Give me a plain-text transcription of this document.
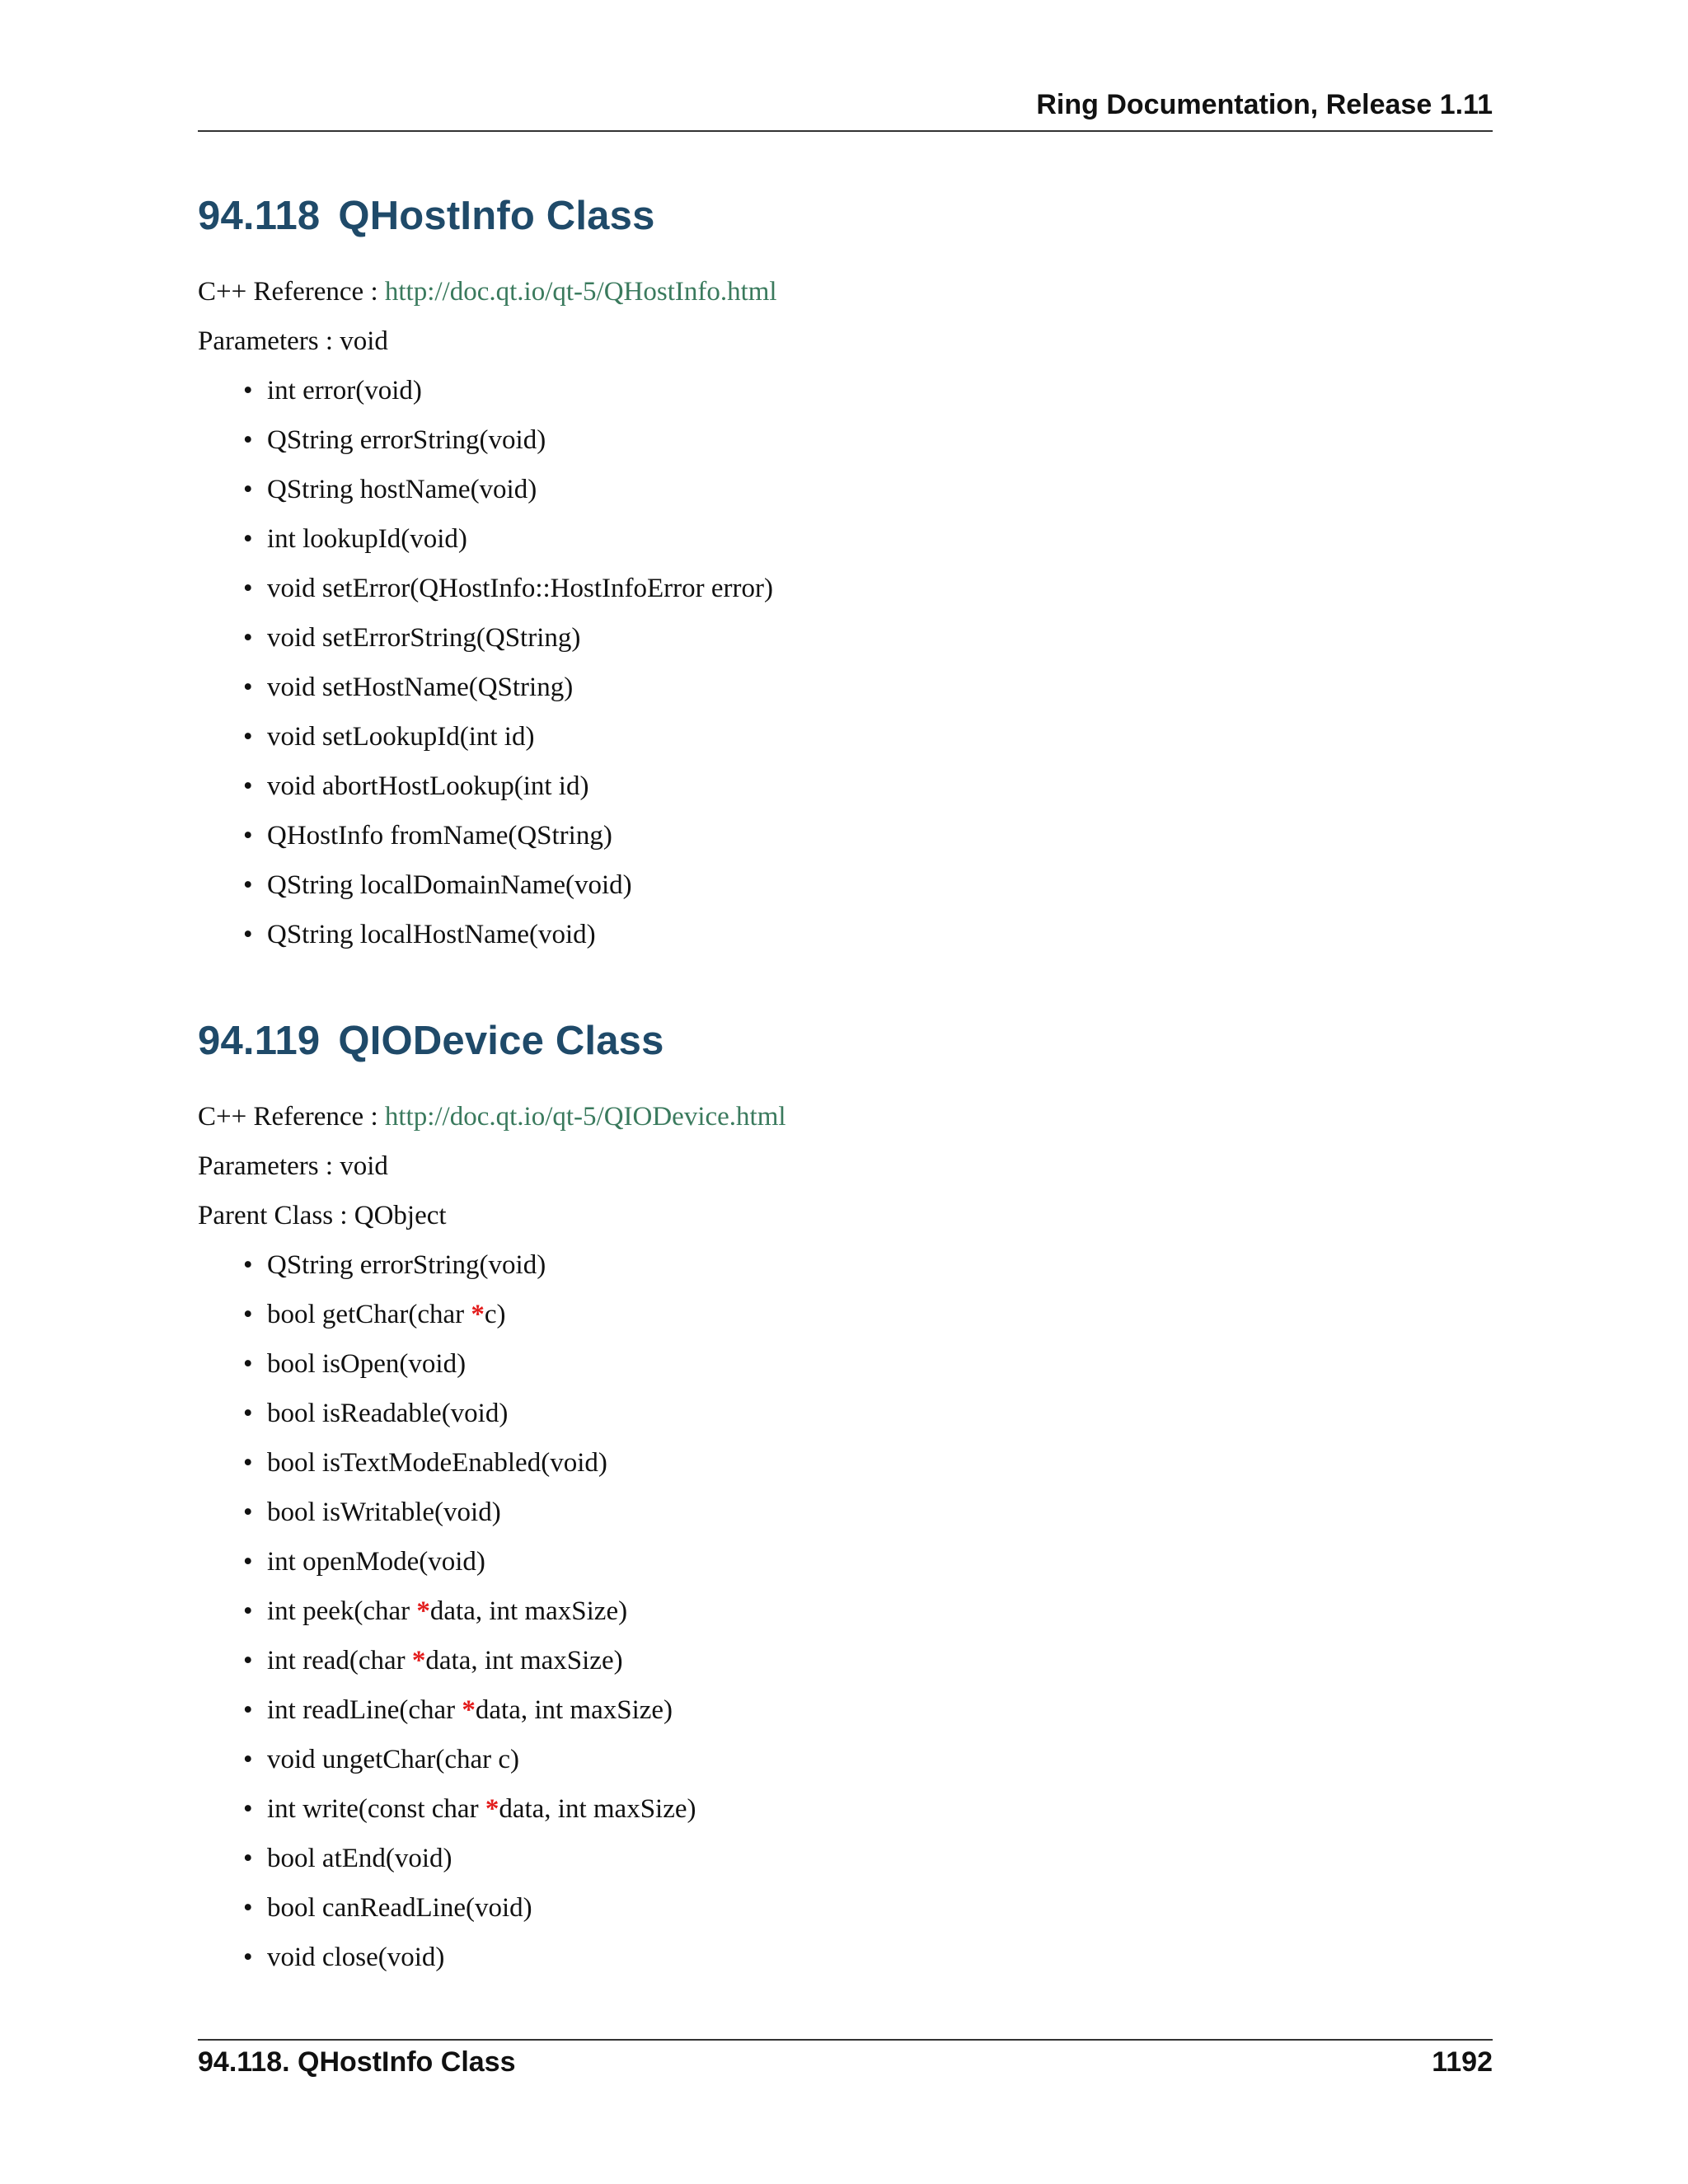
Ring Documentation, Release 1.11
94.118 QHostInfo Class

C++ Reference : http://doc.qt.io/qt-5/QHostInfo.html

Parameters : void

• int error(void)
• QString errorString(void)
• QString hostName(void)
• int lookupId(void)
• void setError(QHostInfo::HostInfoError error)
• void setErrorString(QString)
• void setHostName(QString)
• void setLookupId(int id)
• void abortHostLookup(int id)
• QHostInfo fromName(QString)
• QString localDomainName(void)
• QString localHostName(void)
94.119 QIODevice Class

C++ Reference : http://doc.qt.io/qt-5/QIODevice.html

Parameters : void

Parent Class : QObject

• QString errorString(void)
• bool getChar(char *c)
• bool isOpen(void)
• bool isReadable(void)
• bool isTextModeEnabled(void)
• bool isWritable(void)
• int openMode(void)
• int peek(char *data, int maxSize)
• int read(char *data, int maxSize)
• int readLine(char *data, int maxSize)
• void ungetChar(char c)
• int write(const char *data, int maxSize)
• bool atEnd(void)
• bool canReadLine(void)
• void close(void)
94.118. QHostInfo Class	1192
